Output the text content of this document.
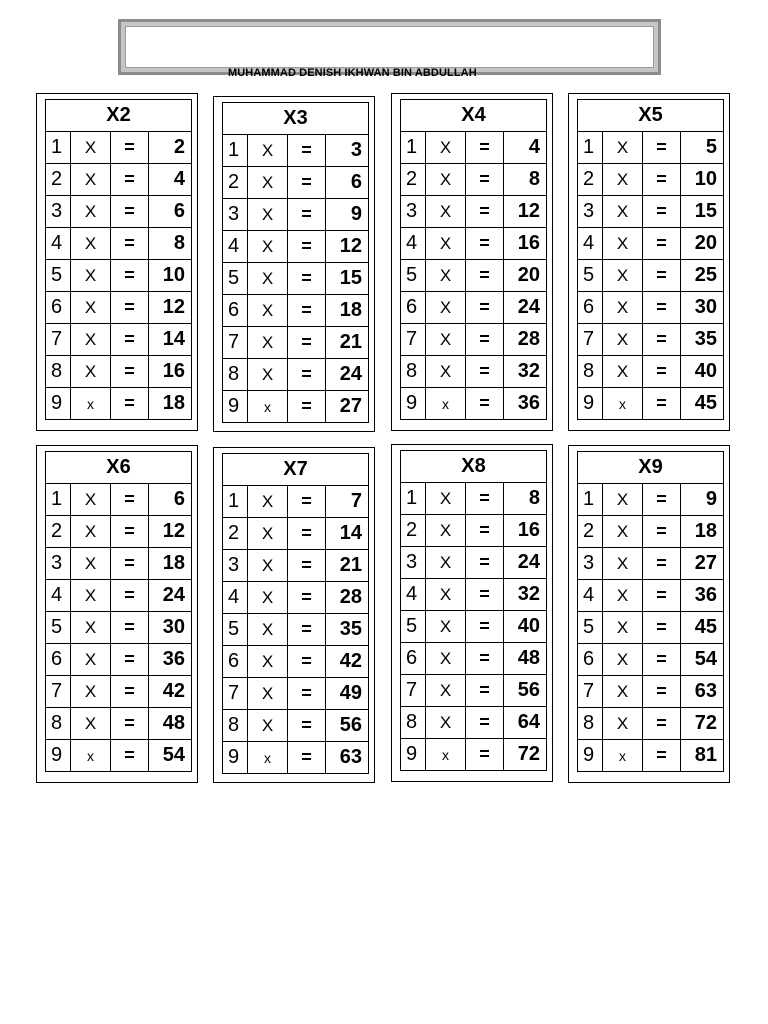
MUHAMMAD DENISH IKHWAN BIN ABDULLAH
X2			
1	X	=	2
2	X	=	4
3	X	=	6
4	X	=	8
5	X	=	10
6	X	=	12
7	X	=	14
8	X	=	16
9	x	=	18
X3			
1	X	=	3
2	X	=	6
3	X	=	9
4	X	=	12
5	X	=	15
6	X	=	18
7	X	=	21
8	X	=	24
9	x	=	27
X4			
1	X	=	4
2	X	=	8
3	X	=	12
4	X	=	16
5	X	=	20
6	X	=	24
7	X	=	28
8	X	=	32
9	x	=	36
X5			
1	X	=	5
2	X	=	10
3	X	=	15
4	X	=	20
5	X	=	25
6	X	=	30
7	X	=	35
8	X	=	40
9	x	=	45
X6			
1	X	=	6
2	X	=	12
3	X	=	18
4	X	=	24
5	X	=	30
6	X	=	36
7	X	=	42
8	X	=	48
9	x	=	54
X7			
1	X	=	7
2	X	=	14
3	X	=	21
4	X	=	28
5	X	=	35
6	X	=	42
7	X	=	49
8	X	=	56
9	x	=	63
X8			
1	X	=	8
2	X	=	16
3	X	=	24
4	X	=	32
5	X	=	40
6	X	=	48
7	X	=	56
8	X	=	64
9	x	=	72
X9			
1	X	=	9
2	X	=	18
3	X	=	27
4	X	=	36
5	X	=	45
6	X	=	54
7	X	=	63
8	X	=	72
9	x	=	81
